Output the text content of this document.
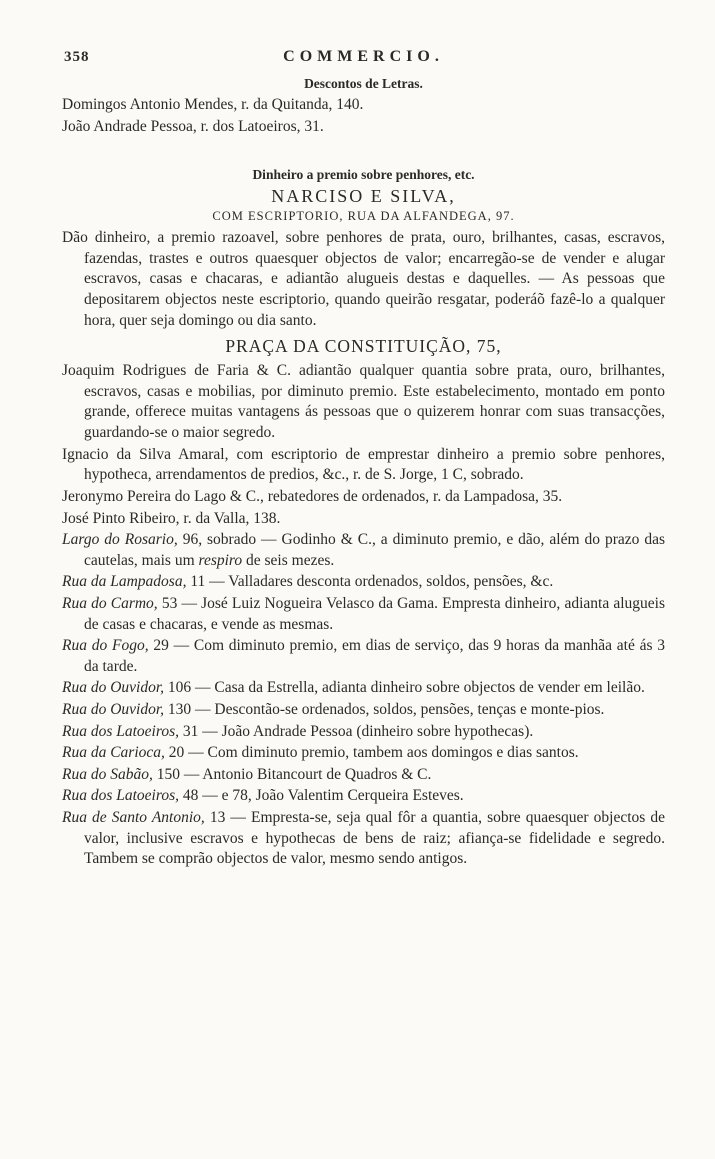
358	COMMERCIO.
Descontos de Letras.

Domingos Antonio Mendes, r. da Quitanda, 140.

João Andrade Pessoa, r. dos Latoeiros, 31.

Dinheiro a premio sobre penhores, etc.
NARCISO E SILVA,
COM ESCRIPTORIO, RUA DA ALFANDEGA, 97.

Dão dinheiro, a premio razoavel, sobre penhores de prata, ouro, brilhantes, casas, escravos, fazendas, trastes e outros quaesquer objectos de valor; encarregão-se de vender e alugar escravos, casas e chacaras, e adiantão alugueis destas e daquelles. — As pessoas que depositarem objectos neste escriptorio, quando queirão resgatar, poderáõ fazê-lo a qualquer hora, quer seja domingo ou dia santo.

PRAÇA DA CONSTITUIÇÃO, 75,

Joaquim Rodrigues de Faria & C. adiantão qualquer quantia sobre prata, ouro, brilhantes, escravos, casas e mobilias, por diminuto premio. Este estabelecimento, montado em ponto grande, offerece muitas vantagens ás pessoas que o quizerem honrar com suas transacções, guardando-se o maior segredo.

Ignacio da Silva Amaral, com escriptorio de emprestar dinheiro a premio sobre penhores, hypotheca, arrendamentos de predios, &c., r. de S. Jorge, 1 C, sobrado.

Jeronymo Pereira do Lago & C., rebatedores de ordenados, r. da Lampadosa, 35.

José Pinto Ribeiro, r. da Valla, 138.

Largo do Rosario, 96, sobrado — Godinho & C., a diminuto premio, e dão, além do prazo das cautelas, mais um respiro de seis mezes.

Rua da Lampadosa, 11 — Valladares desconta ordenados, soldos, pensões, &c.

Rua do Carmo, 53 — José Luiz Nogueira Velasco da Gama. Empresta dinheiro, adianta alugueis de casas e chacaras, e vende as mesmas.

Rua do Fogo, 29 — Com diminuto premio, em dias de serviço, das 9 horas da manhãa até ás 3 da tarde.

Rua do Ouvidor, 106 — Casa da Estrella, adianta dinheiro sobre objectos de vender em leilão.

Rua do Ouvidor, 130 — Descontão-se ordenados, soldos, pensões, tenças e monte-pios.

Rua dos Latoeiros, 31 — João Andrade Pessoa (dinheiro sobre hypothecas).

Rua da Carioca, 20 — Com diminuto premio, tambem aos domingos e dias santos.

Rua do Sabão, 150 — Antonio Bitancourt de Quadros & C.

Rua dos Latoeiros, 48 — e 78, João Valentim Cerqueira Esteves.

Rua de Santo Antonio, 13 — Empresta-se, seja qual fôr a quantia, sobre quaesquer objectos de valor, inclusive escravos e hypothecas de bens de raiz; afiança-se fidelidade e segredo. Tambem se comprão objectos de valor, mesmo sendo antigos.
